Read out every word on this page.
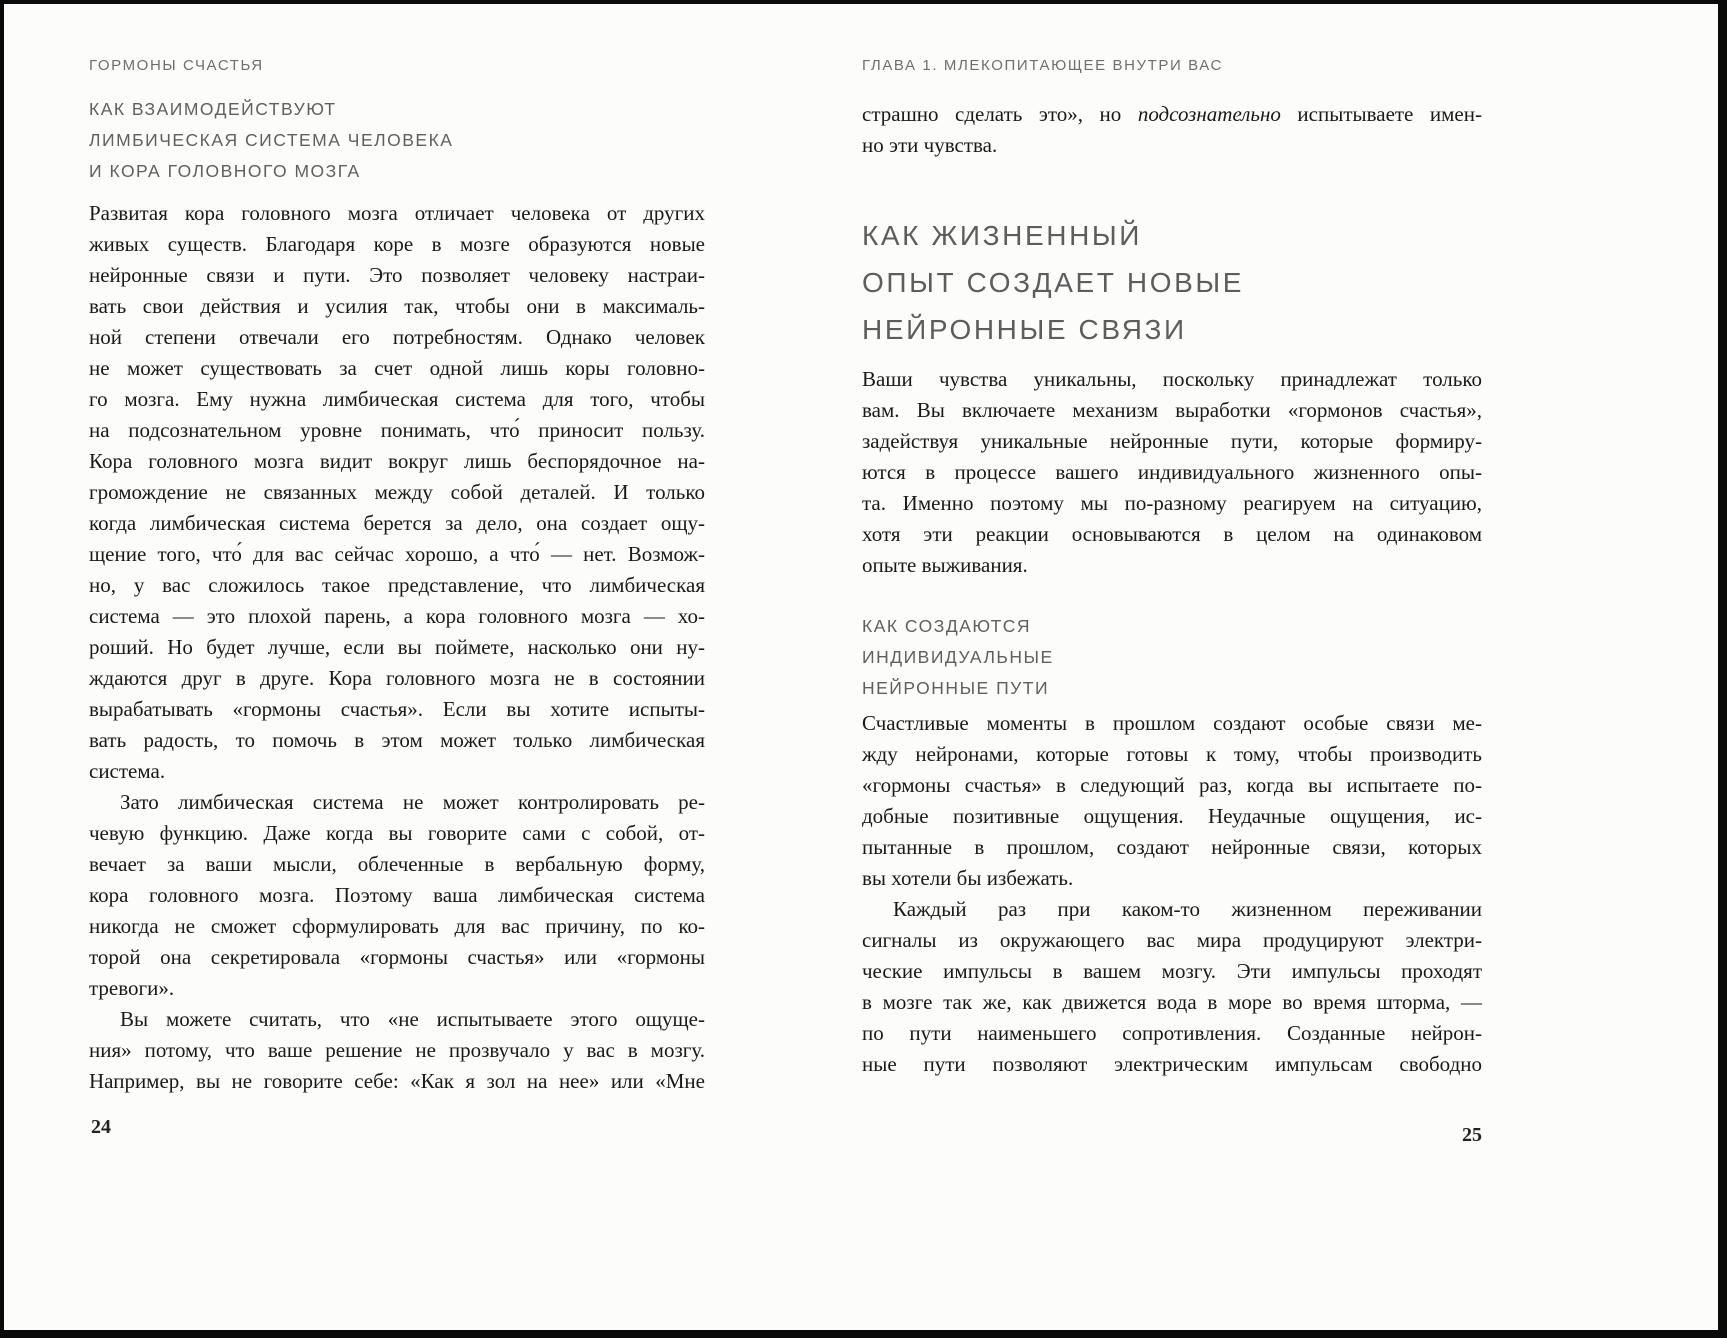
ГОРМОНЫ СЧАСТЬЯ
КАК ВЗАИМОДЕЙСТВУЮТ
ЛИМБИЧЕСКАЯ СИСТЕМА ЧЕЛОВЕКА
И КОРА ГОЛОВНОГО МОЗГА
Развитая кора головного мозга отличает человека от других
живых существ. Благодаря коре в мозге образуются новые
нейронные связи и пути. Это позволяет человеку настраи-
вать свои действия и усилия так, чтобы они в максималь-
ной степени отвечали его потребностям. Однако человек
не может существовать за счет одной лишь коры головно-
го мозга. Ему нужна лимбическая система для того, чтобы
на подсознательном уровне понимать, что́ приносит пользу.
Кора головного мозга видит вокруг лишь беспорядочное на-
громождение не связанных между собой деталей. И только
когда лимбическая система берется за дело, она создает ощу-
щение того, что́ для вас сейчас хорошо, а что́ — нет. Возмож-
но, у вас сложилось такое представление, что лимбическая
система — это плохой парень, а кора головного мозга — хо-
роший. Но будет лучше, если вы поймете, насколько они ну-
ждаются друг в друге. Кора головного мозга не в состоянии
вырабатывать «гормоны счастья». Если вы хотите испыты-
вать радость, то помочь в этом может только лимбическая
система.
Зато лимбическая система не может контролировать ре-
чевую функцию. Даже когда вы говорите сами с собой, от-
вечает за ваши мысли, облеченные в вербальную форму,
кора головного мозга. Поэтому ваша лимбическая система
никогда не сможет сформулировать для вас причину, по ко-
торой она секретировала «гормоны счастья» или «гормоны
тревоги».
Вы можете считать, что «не испытываете этого ощуще-
ния» потому, что ваше решение не прозвучало у вас в мозгу.
Например, вы не говорите себе: «Как я зол на нее» или «Мне
24
ГЛАВА 1. МЛЕКОПИТАЮЩЕЕ ВНУТРИ ВАС
страшно сделать это», но подсознательно испытываете имен-
но эти чувства.
КАК ЖИЗНЕННЫЙ
ОПЫТ СОЗДАЕТ НОВЫЕ
НЕЙРОННЫЕ СВЯЗИ
Ваши чувства уникальны, поскольку принадлежат только
вам. Вы включаете механизм выработки «гормонов счастья»,
задействуя уникальные нейронные пути, которые формиру-
ются в процессе вашего индивидуального жизненного опы-
та. Именно поэтому мы по-разному реагируем на ситуацию,
хотя эти реакции основываются в целом на одинаковом
опыте выживания.
КАК СОЗДАЮТСЯ
ИНДИВИДУАЛЬНЫЕ
НЕЙРОННЫЕ ПУТИ
Счастливые моменты в прошлом создают особые связи ме-
жду нейронами, которые готовы к тому, чтобы производить
«гормоны счастья» в следующий раз, когда вы испытаете по-
добные позитивные ощущения. Неудачные ощущения, ис-
пытанные в прошлом, создают нейронные связи, которых
вы хотели бы избежать.
Каждый раз при каком-то жизненном переживании
сигналы из окружающего вас мира продуцируют электри-
ческие импульсы в вашем мозгу. Эти импульсы проходят
в мозге так же, как движется вода в море во время шторма, —
по пути наименьшего сопротивления. Созданные нейрон-
ные пути позволяют электрическим импульсам свободно
25
